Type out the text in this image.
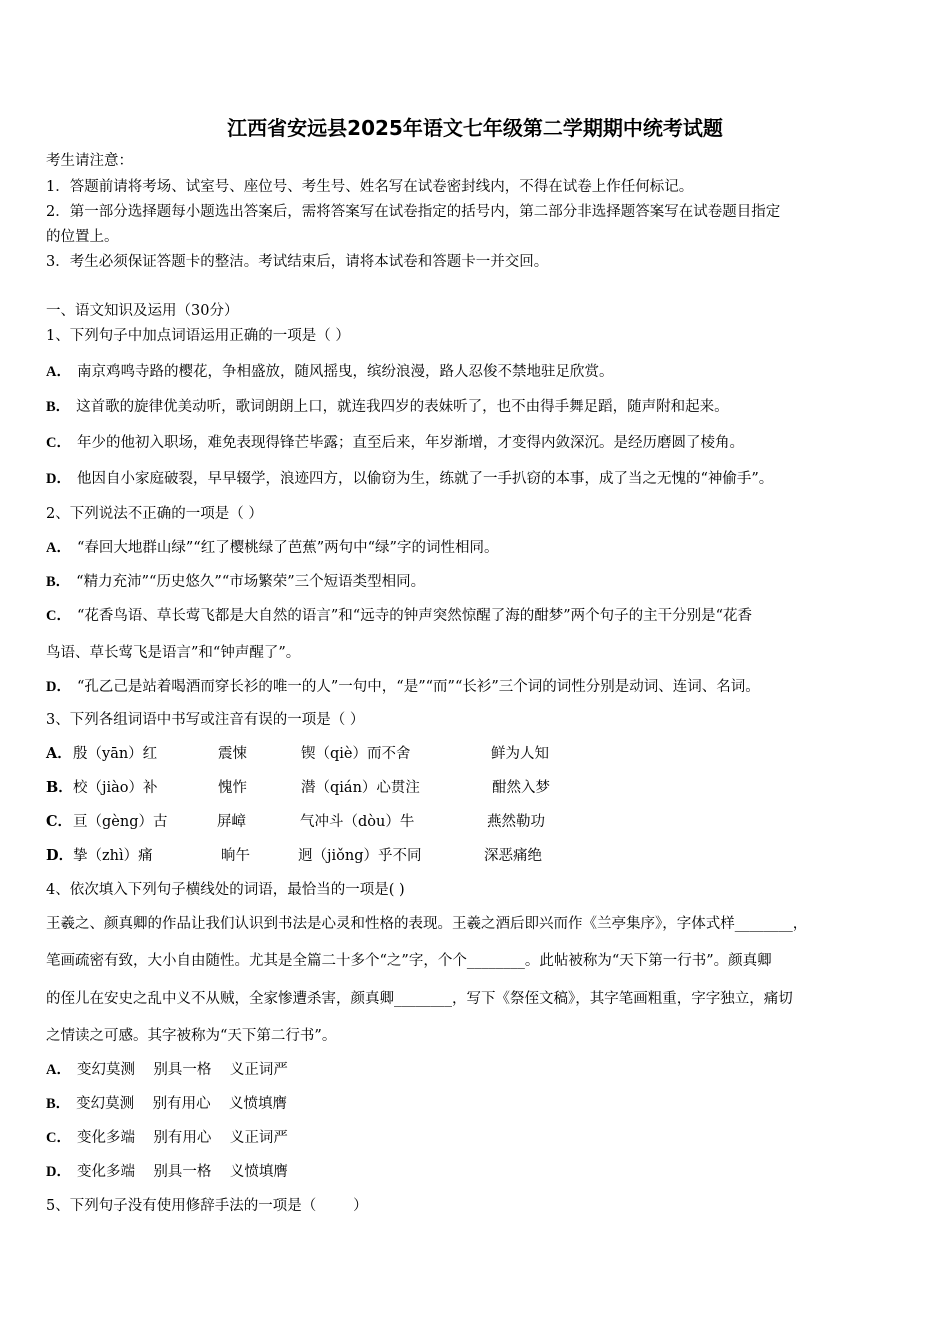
江西省安远县2025年语文七年级第二学期期中统考试题
考生请注意：
1．答题前请将考场、试室号、座位号、考生号、姓名写在试卷密封线内，不得在试卷上作任何标记。
2．第一部分选择题每小题选出答案后，需将答案写在试卷指定的括号内，第二部分非选择题答案写在试卷题目指定
的位置上。
3．考生必须保证答题卡的整洁。考试结束后，请将本试卷和答题卡一并交回。
一、语文知识及运用（30分）
1、下列句子中加点词语运用正确的一项是（ ）
A． 南京鸡鸣寺路的樱花，争相盛放，随风摇曳，缤纷浪漫，路人忍俊不禁地驻足欣赏。
B． 这首歌的旋律优美动听，歌词朗朗上口，就连我四岁的表妹听了，也不由得手舞足蹈，随声附和起来。
C． 年少的他初入职场，难免表现得锋芒毕露；直至后来，年岁渐增，才变得内敛深沉。是经历磨圆了棱角。
D． 他因自小家庭破裂，早早辍学，浪迹四方，以偷窃为生，练就了一手扒窃的本事，成了当之无愧的“神偷手”。
2、下列说法不正确的一项是（ ）
A． “春回大地群山绿”“红了樱桃绿了芭蕉”两句中“绿”字的词性相同。
B． “精力充沛”“历史悠久”“市场繁荣”三个短语类型相同。
C． “花香鸟语、草长莺飞都是大自然的语言”和“远寺的钟声突然惊醒了海的酣梦”两个句子的主干分别是“花香
鸟语、草长莺飞是语言”和“钟声醒了”。
D． “孔乙己是站着喝酒而穿长衫的唯一的人”一句中，“是”“而”“长衫”三个词的词性分别是动词、连词、名词。
3、下列各组词语中书写或注音有误的一项是（ ）
A． 殷（yān）红	震悚	锲（qiè）而不舍	鲜为人知
B． 校（jiào）补	愧怍	潜（qián）心贯注	酣然入梦
C． 亘（gèng）古	屏嶂	气冲斗（dòu）牛	燕然勒功
D． 挚（zhì）痛	晌午	迥（jiǒng）乎不同	深恶痛绝
4、依次填入下列句子横线处的词语，最恰当的一项是( )
王羲之、颜真卿的作品让我们认识到书法是心灵和性格的表现。王羲之酒后即兴而作《兰亭集序》，字体式样________，
笔画疏密有致，大小自由随性。尤其是全篇二十多个“之”字，个个________。此帖被称为“天下第一行书”。颜真卿
的侄儿在安史之乱中义不从贼，全家惨遭杀害，颜真卿________，写下《祭侄文稿》，其字笔画粗重，字字独立，痛切
之情读之可感。其字被称为“天下第二行书”。
A． 变幻莫测    别具一格    义正词严
B． 变幻莫测    别有用心    义愤填膺
C． 变化多端    别有用心    义正词严
D． 变化多端    别具一格    义愤填膺
5、下列句子没有使用修辞手法的一项是（        ）
